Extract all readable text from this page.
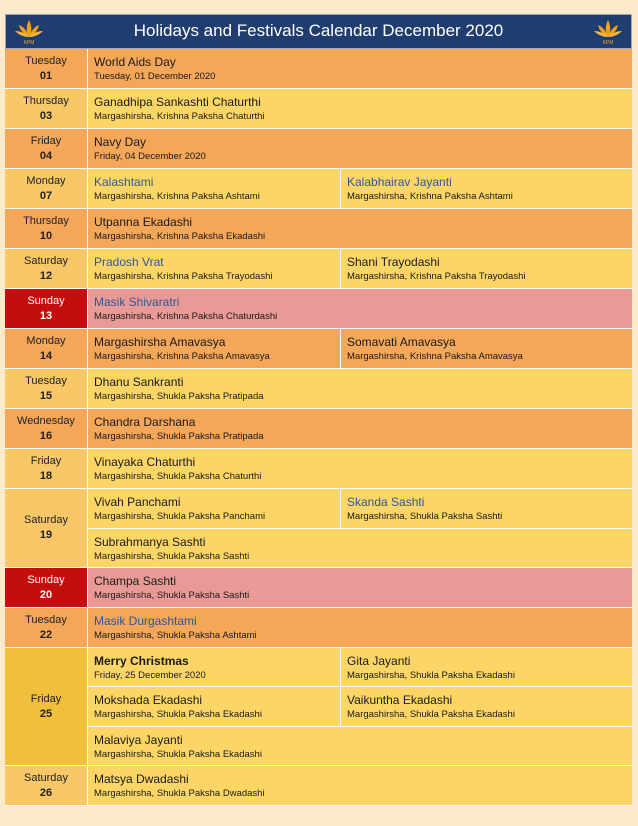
KPM
Holidays and Festivals Calendar December 2020
KPM
Tuesday
01
World Aids Day
Tuesday, 01 December 2020
Thursday
03
Ganadhipa Sankashti Chaturthi
Margashirsha, Krishna Paksha Chaturthi
Friday
04
Navy Day
Friday, 04 December 2020
Monday
07
Kalashtami
Margashirsha, Krishna Paksha Ashtami
Kalabhairav Jayanti
Margashirsha, Krishna Paksha Ashtami
Thursday
10
Utpanna Ekadashi
Margashirsha, Krishna Paksha Ekadashi
Saturday
12
Pradosh Vrat
Margashirsha, Krishna Paksha Trayodashi
Shani Trayodashi
Margashirsha, Krishna Paksha Trayodashi
Sunday
13
Masik Shivaratri
Margashirsha, Krishna Paksha Chaturdashi
Monday
14
Margashirsha Amavasya
Margashirsha, Krishna Paksha Amavasya
Somavati Amavasya
Margashirsha, Krishna Paksha Amavasya
Tuesday
15
Dhanu Sankranti
Margashirsha, Shukla Paksha Pratipada
Wednesday
16
Chandra Darshana
Margashirsha, Shukla Paksha Pratipada
Friday
18
Vinayaka Chaturthi
Margashirsha, Shukla Paksha Chaturthi
Saturday
19
Vivah Panchami
Margashirsha, Shukla Paksha Panchami
Skanda Sashti
Margashirsha, Shukla Paksha Sashti
Subrahmanya Sashti
Margashirsha, Shukla Paksha Sashti
Sunday
20
Champa Sashti
Margashirsha, Shukla Paksha Sashti
Tuesday
22
Masik Durgashtami
Margashirsha, Shukla Paksha Ashtami
Friday
25
Merry Christmas
Friday, 25 December 2020
Gita Jayanti
Margashirsha, Shukla Paksha Ekadashi
Mokshada Ekadashi
Margashirsha, Shukla Paksha Ekadashi
Vaikuntha Ekadashi
Margashirsha, Shukla Paksha Ekadashi
Malaviya Jayanti
Margashirsha, Shukla Paksha Ekadashi
Saturday
26
Matsya Dwadashi
Margashirsha, Shukla Paksha Dwadashi
